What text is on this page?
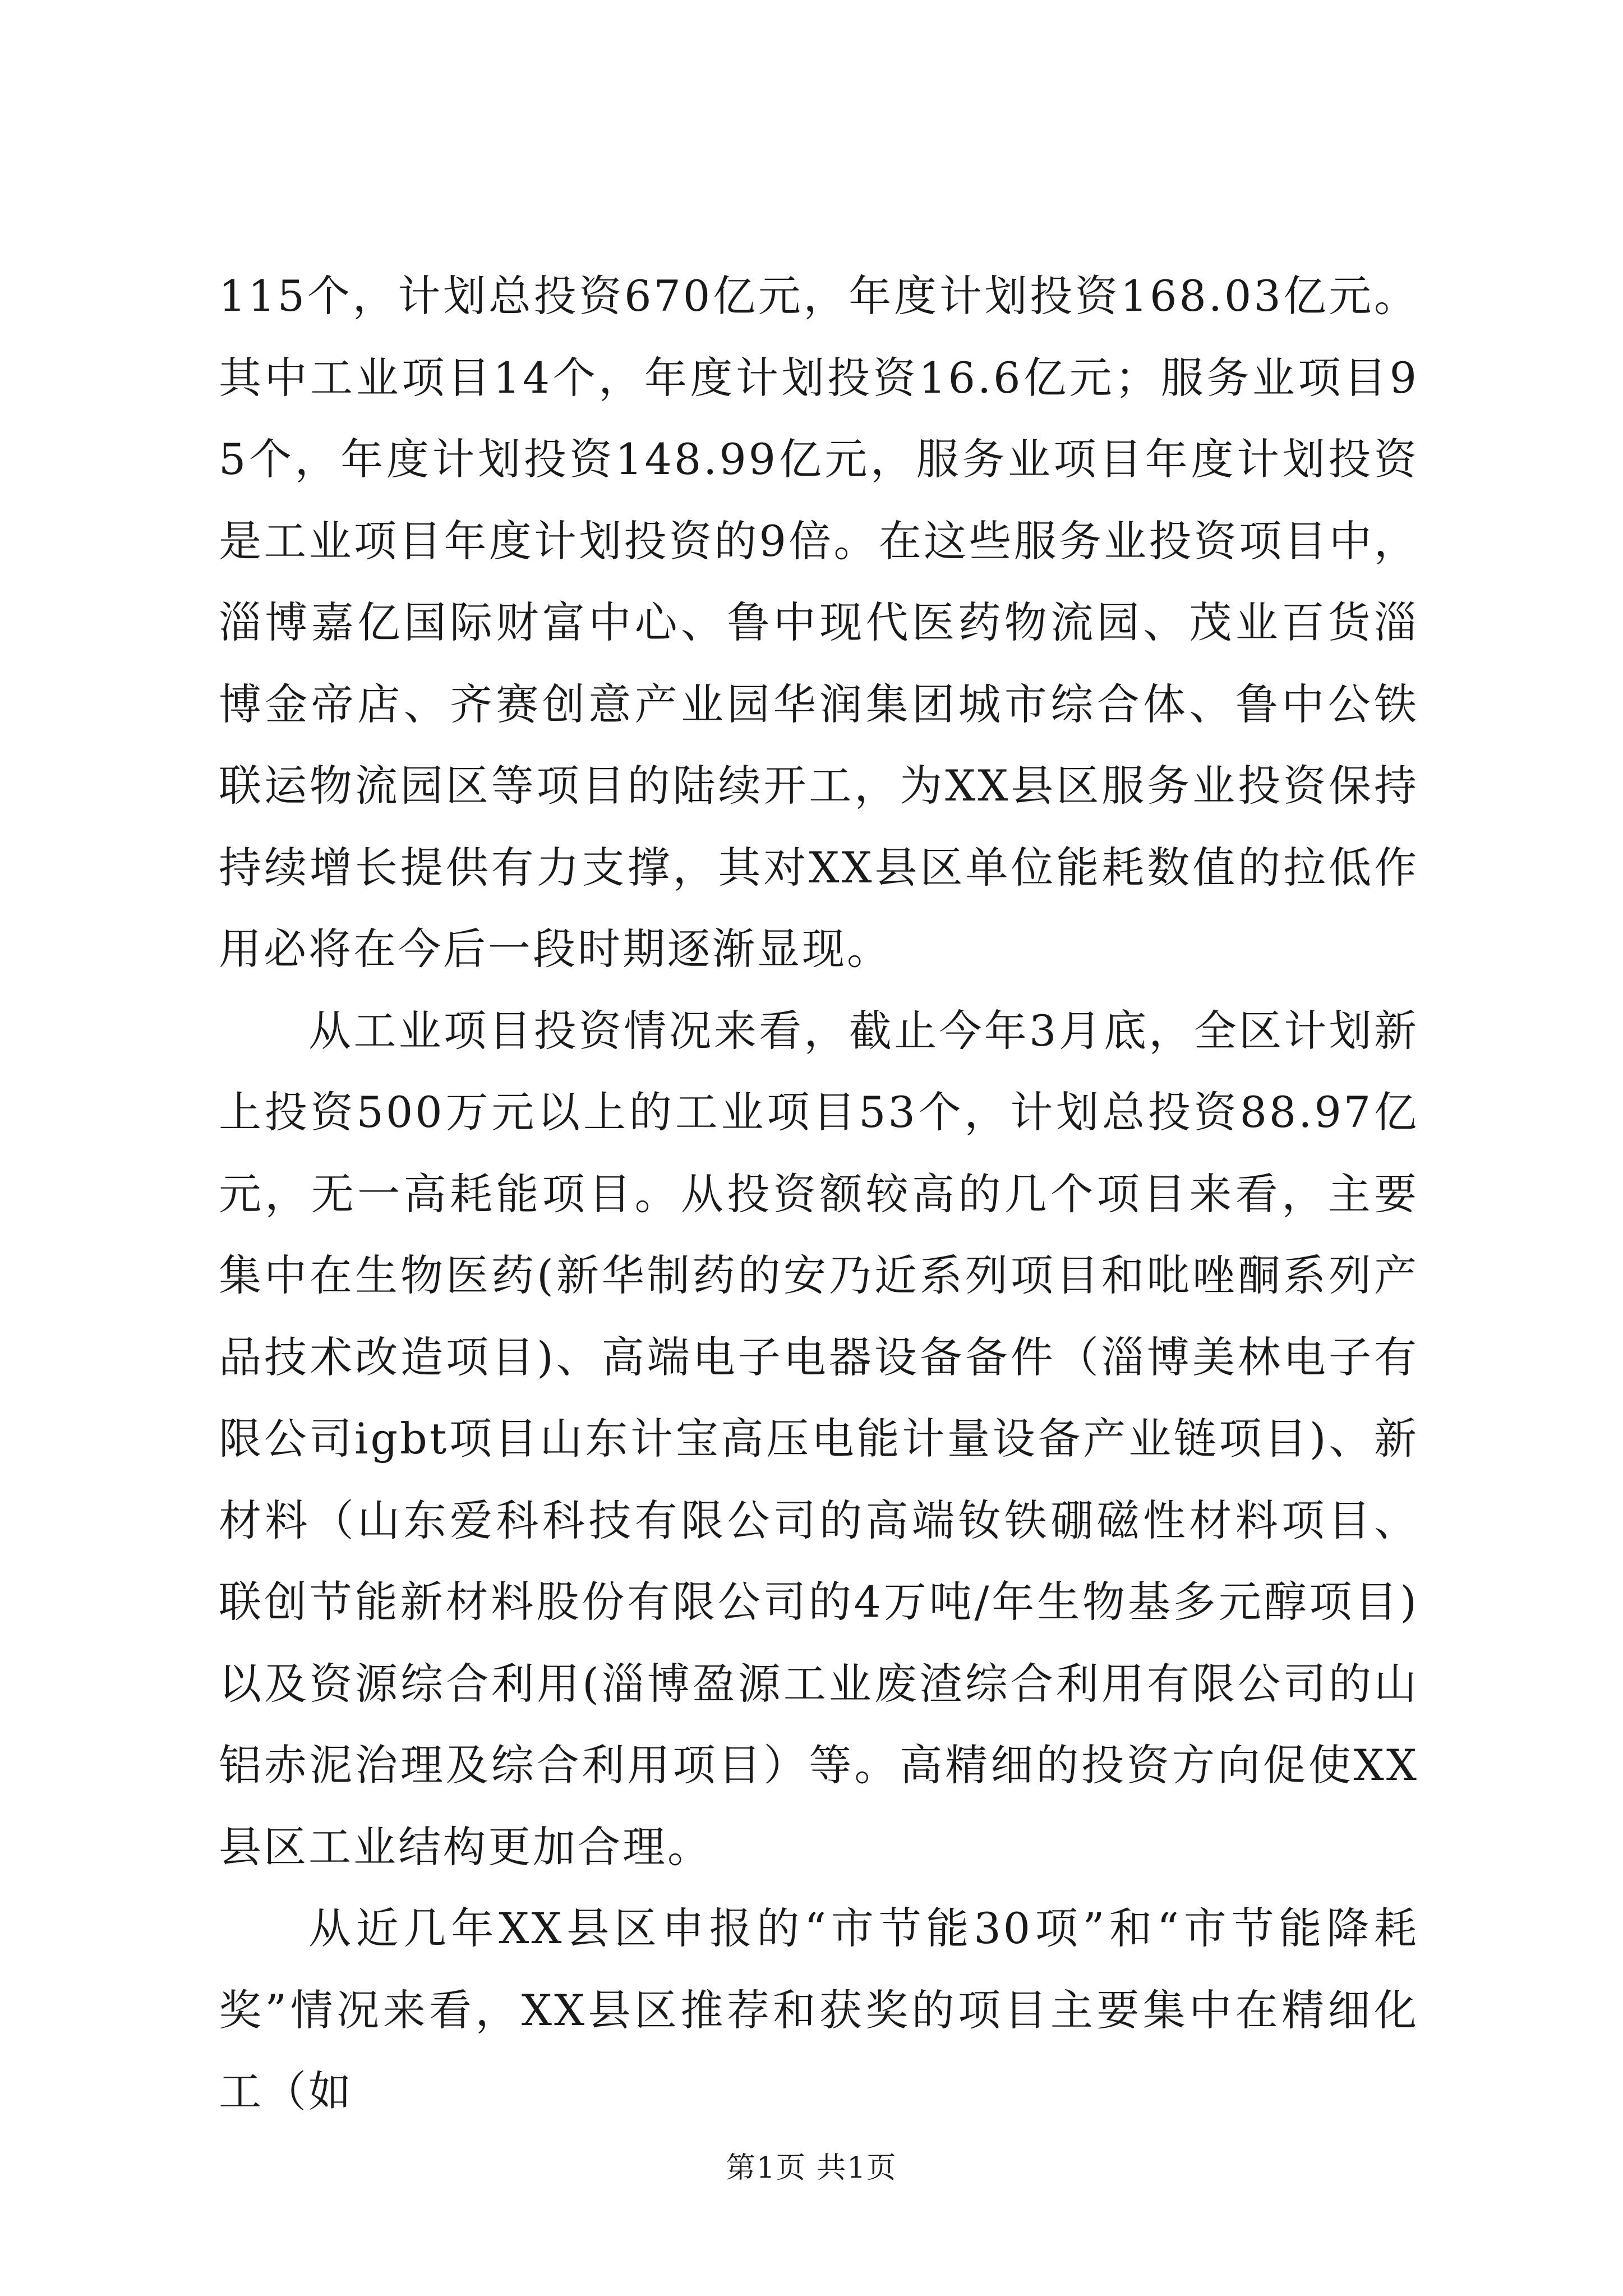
115个，计划总投资670亿元，年度计划投资168.03亿元。其中工业项目14个，年度计划投资16.6亿元；服务业项目95个，年度计划投资148.99亿元，服务业项目年度计划投资是工业项目年度计划投资的9倍。在这些服务业投资项目中，淄博嘉亿国际财富中心、鲁中现代医药物流园、茂业百货淄博金帝店、齐赛创意产业园华润集团城市综合体、鲁中公铁联运物流园区等项目的陆续开工，为XX县区服务业投资保持持续增长提供有力支撑，其对XX县区单位能耗数值的拉低作用必将在今后一段时期逐渐显现。

从工业项目投资情况来看，截止今年3月底，全区计划新上投资500万元以上的工业项目53个，计划总投资88.97亿元，无一高耗能项目。从投资额较高的几个项目来看，主要集中在生物医药(新华制药的安乃近系列项目和吡唑酮系列产品技术改造项目)、高端电子电器设备备件（淄博美林电子有限公司igbt项目山东计宝高压电能计量设备产业链项目)、新材料（山东爱科科技有限公司的高端钕铁硼磁性材料项目、联创节能新材料股份有限公司的4万吨/年生物基多元醇项目)以及资源综合利用(淄博盈源工业废渣综合利用有限公司的山铝赤泥治理及综合利用项目）等。高精细的投资方向促使XX县区工业结构更加合理。

从近几年XX县区申报的“市节能30项”和“市节能降耗奖”情况来看，XX县区推荐和获奖的项目主要集中在精细化工（如

第1页 共1页
